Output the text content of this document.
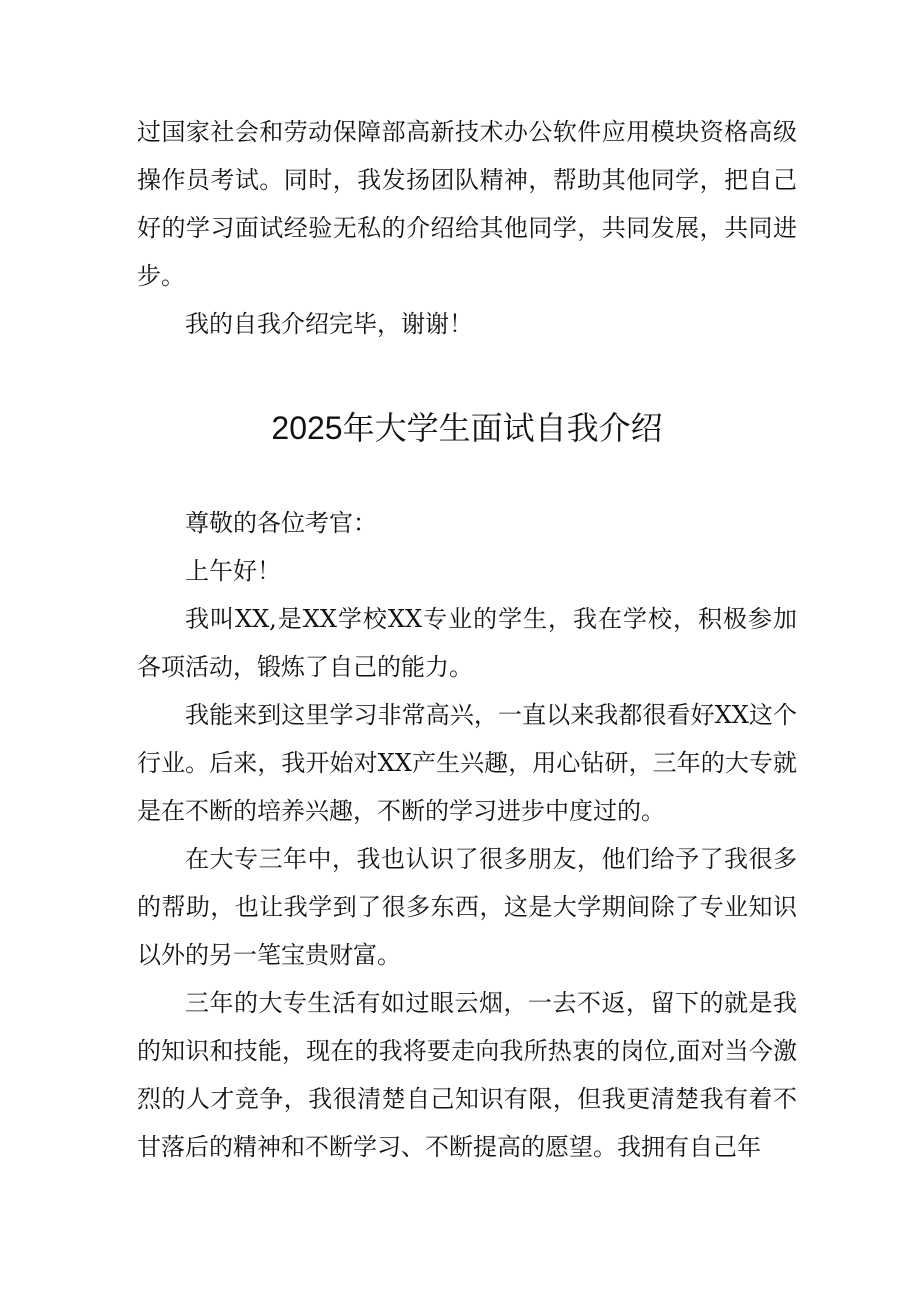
过国家社会和劳动保障部高新技术办公软件应用模块资格高级操作员考试。同时，我发扬团队精神，帮助其他同学，把自己好的学习面试经验无私的介绍给其他同学，共同发展，共同进步。

我的自我介绍完毕，谢谢！

2025年大学生面试自我介绍

尊敬的各位考官：

上午好！

我叫XX,是XX学校XX专业的学生，我在学校，积极参加各项活动，锻炼了自己的能力。

我能来到这里学习非常高兴，一直以来我都很看好XX这个行业。后来，我开始对XX产生兴趣，用心钻研，三年的大专就是在不断的培养兴趣，不断的学习进步中度过的。

在大专三年中，我也认识了很多朋友，他们给予了我很多的帮助，也让我学到了很多东西，这是大学期间除了专业知识以外的另一笔宝贵财富。

三年的大专生活有如过眼云烟，一去不返，留下的就是我的知识和技能，现在的我将要走向我所热衷的岗位,面对当今激烈的人才竞争，我很清楚自己知识有限，但我更清楚我有着不甘落后的精神和不断学习、不断提高的愿望。我拥有自己年
